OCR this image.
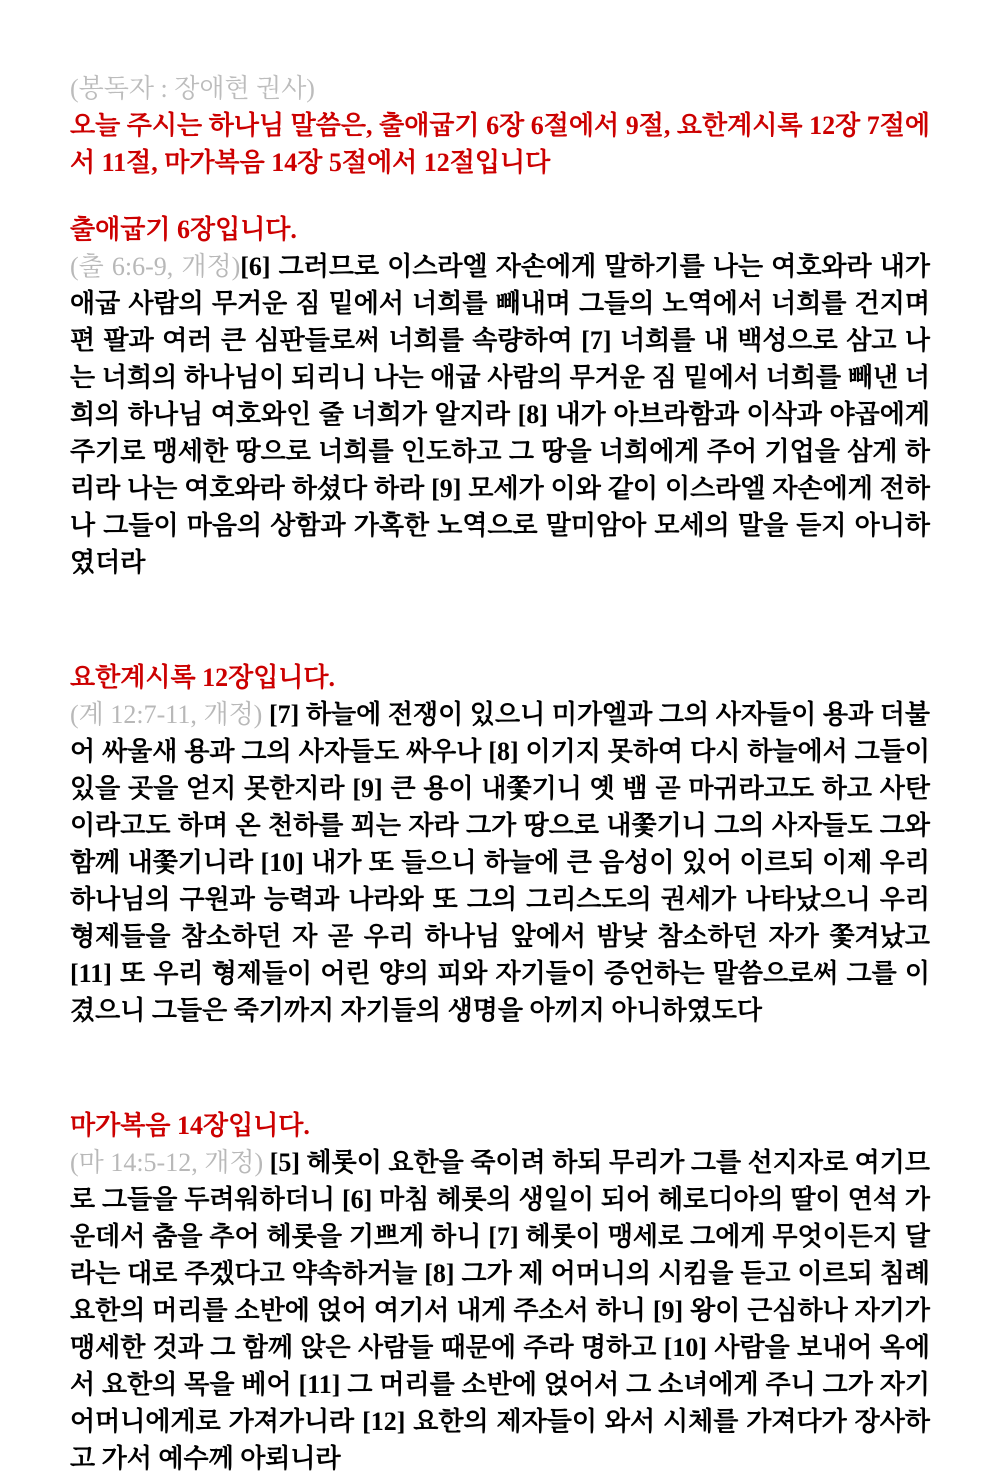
(봉독자 : 장애현 권사)

오늘 주시는 하나님 말씀은, 출애굽기 6장 6절에서 9절, 요한계시록 12장 7절에서 11절, 마가복음 14장 5절에서 12절입니다

출애굽기 6장입니다.

(출 6:6-9, 개정)[6] 그러므로 이스라엘 자손에게 말하기를 나는 여호와라 내가 애굽 사람의 무거운 짐 밑에서 너희를 빼내며 그들의 노역에서 너희를 건지며 편 팔과 여러 큰 심판들로써 너희를 속량하여 [7] 너희를 내 백성으로 삼고 나는 너희의 하나님이 되리니 나는 애굽 사람의 무거운 짐 밑에서 너희를 빼낸 너희의 하나님 여호와인 줄 너희가 알지라 [8] 내가 아브라함과 이삭과 야곱에게 주기로 맹세한 땅으로 너희를 인도하고 그 땅을 너희에게 주어 기업을 삼게 하리라 나는 여호와라 하셨다 하라 [9] 모세가 이와 같이 이스라엘 자손에게 전하나 그들이 마음의 상함과 가혹한 노역으로 말미암아 모세의 말을 듣지 아니하였더라

요한계시록 12장입니다.

(계 12:7-11, 개정) [7] 하늘에 전쟁이 있으니 미가엘과 그의 사자들이 용과 더불어 싸울새 용과 그의 사자들도 싸우나 [8] 이기지 못하여 다시 하늘에서 그들이 있을 곳을 얻지 못한지라 [9] 큰 용이 내쫓기니 옛 뱀 곧 마귀라고도 하고 사탄이라고도 하며 온 천하를 꾀는 자라 그가 땅으로 내쫓기니 그의 사자들도 그와 함께 내쫓기니라 [10] 내가 또 들으니 하늘에 큰 음성이 있어 이르되 이제 우리 하나님의 구원과 능력과 나라와 또 그의 그리스도의 권세가 나타났으니 우리 형제들을 참소하던 자 곧 우리 하나님 앞에서 밤낮 참소하던 자가 쫓겨났고 [11] 또 우리 형제들이 어린 양의 피와 자기들이 증언하는 말씀으로써 그를 이겼으니 그들은 죽기까지 자기들의 생명을 아끼지 아니하였도다

마가복음 14장입니다.

(마 14:5-12, 개정) [5] 헤롯이 요한을 죽이려 하되 무리가 그를 선지자로 여기므로 그들을 두려워하더니 [6] 마침 헤롯의 생일이 되어 헤로디아의 딸이 연석 가운데서 춤을 추어 헤롯을 기쁘게 하니 [7] 헤롯이 맹세로 그에게 무엇이든지 달라는 대로 주겠다고 약속하거늘 [8] 그가 제 어머니의 시킴을 듣고 이르되 침례 요한의 머리를 소반에 얹어 여기서 내게 주소서 하니 [9] 왕이 근심하나 자기가 맹세한 것과 그 함께 앉은 사람들 때문에 주라 명하고 [10] 사람을 보내어 옥에서 요한의 목을 베어 [11] 그 머리를 소반에 얹어서 그 소녀에게 주니 그가 자기 어머니에게로 가져가니라 [12] 요한의 제자들이 와서 시체를 가져다가 장사하고 가서 예수께 아뢰니라
